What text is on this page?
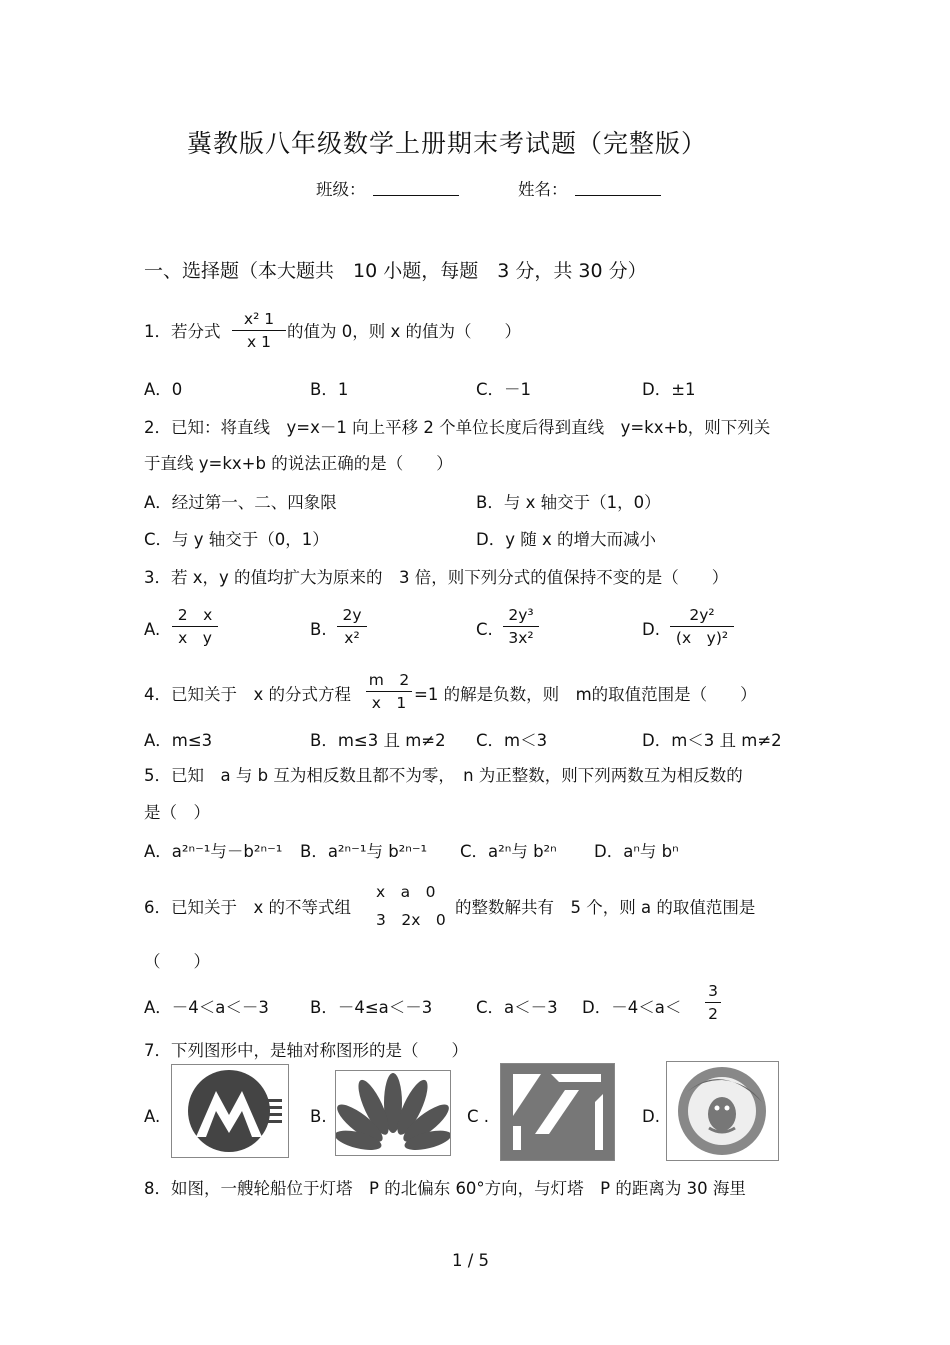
冀教版八年级数学上册期末考试题（完整版）
班级：	姓名：
一、选择题（本大题共　10 小题，每题　3 分，共 30 分）
1．若分式
x² 1
x 1
的值为 0，则 x 的值为（　　）
A．0	B．1	C．－1	D．±1
2．已知：将直线　y=x－1 向上平移 2 个单位长度后得到直线　y=kx+b，则下列关
于直线 y=kx+b 的说法正确的是（　　）
A．经过第一、二、四象限	B．与 x 轴交于（1，0）
C．与 y 轴交于（0，1）	D．y 随 x 的增大而减小
3．若 x，y 的值均扩大为原来的　3 倍，则下列分式的值保持不变的是（　　）
A.
2　x
x　y	B.
2y
x²	C.
2y³
3x²	D.
2y²
(x　y)²
4．已知关于　x 的分式方程
m　2
x　1 =1 的解是负数，则　m的取值范围是（　　）
A．m≤3	B．m≤3 且 m≠2 C．m＜3	D．m＜3 且 m≠2
5．已知　a 与 b 互为相反数且都不为零，　n 为正整数，则下列两数互为相反数的
是（　）
A．a²ⁿ⁻¹与－b²ⁿ⁻¹ B．a²ⁿ⁻¹与 b²ⁿ⁻¹ C．a²ⁿ与 b²ⁿ D．aⁿ与 bⁿ
6．已知关于　x 的不等式组
x　a　0
3　2x　0
的整数解共有　5 个，则 a 的取值范围是
（　　）
A．－4＜a＜－3 B．－4≤a＜－3	C．a＜－3 D．－4＜a＜
3
2
7．下列图形中，是轴对称图形的是（　　）
A.	B.	C .	D.
8．如图，一艘轮船位于灯塔　P 的北偏东 60°方向，与灯塔　P 的距离为 30 海里
1 / 5
